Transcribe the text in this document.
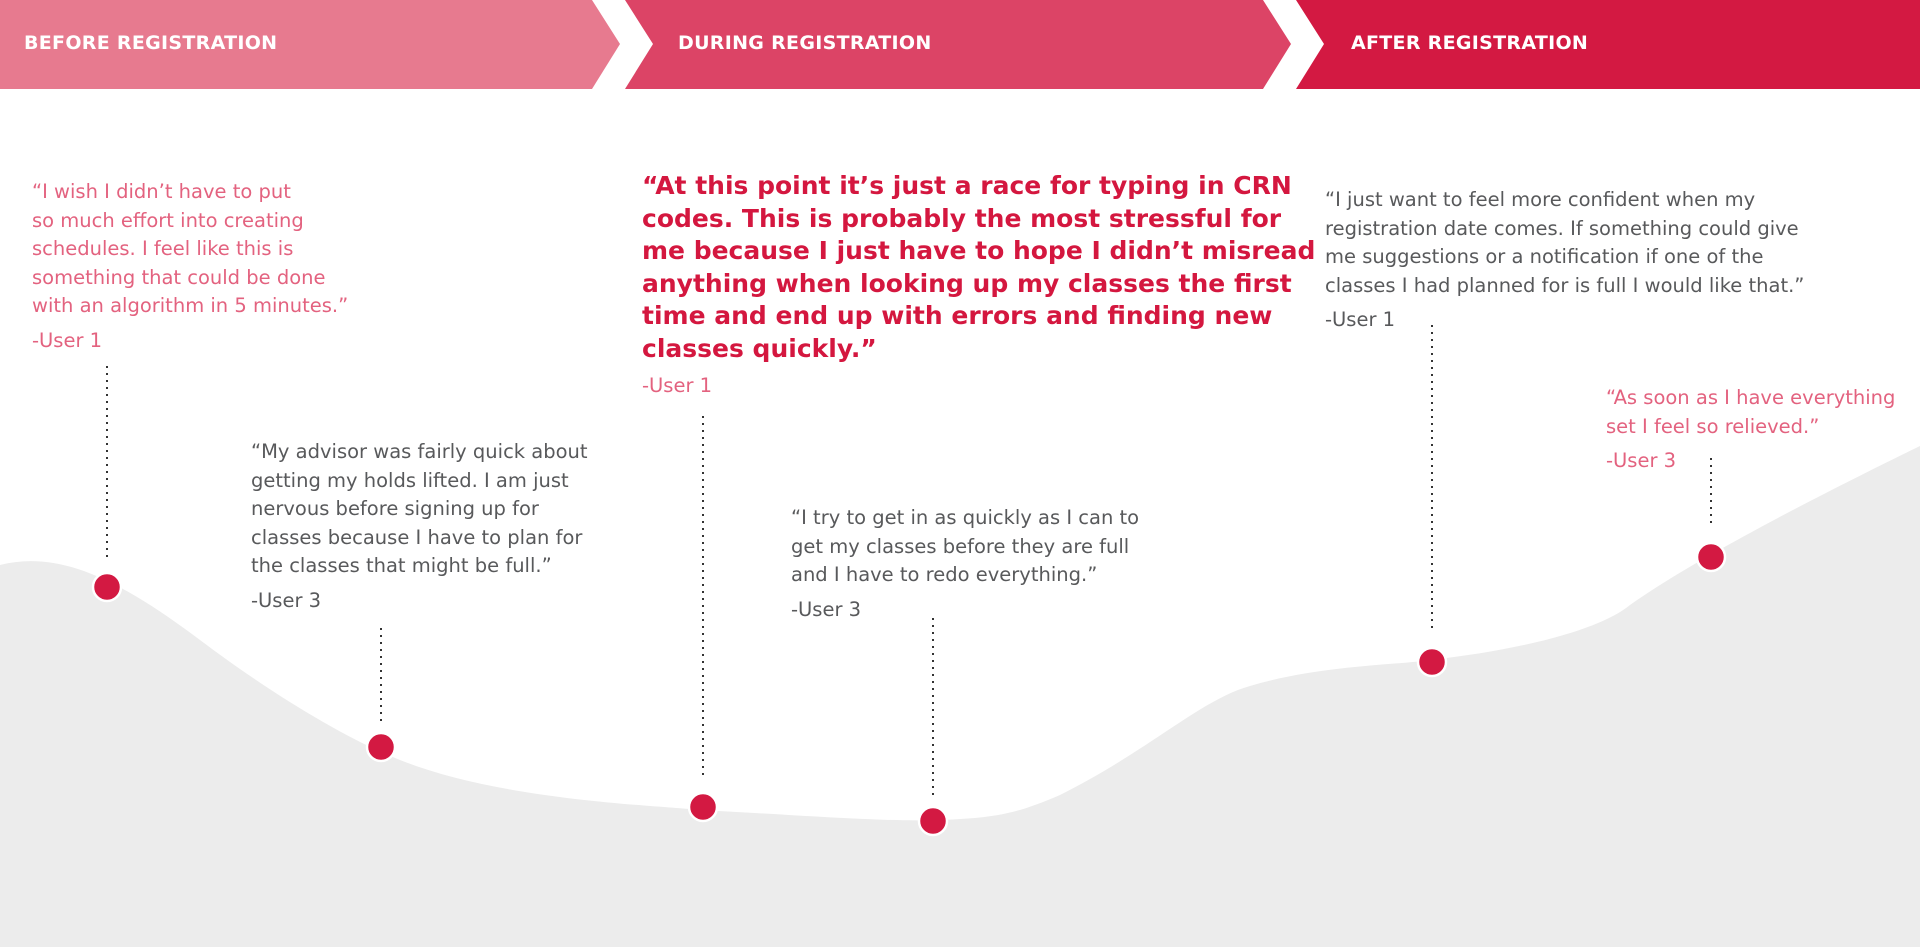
BEFORE REGISTRATION	DURING REGISTRATION	AFTER REGISTRATION

“I wish I didn’t have to put
so much effort into creating
schedules. I feel like this is
something that could be done
with an algorithm in 5 minutes.”

-User 1

“My advisor was fairly quick about
getting my holds lifted. I am just
nervous before signing up for
classes because I have to plan for
the classes that might be full.”

-User 3

“At this point it’s just a race for typing in CRN
codes. This is probably the most stressful for
me because I just have to hope I didn’t misread
anything when looking up my classes the first
time and end up with errors and finding new
classes quickly.”

-User 1

“I try to get in as quickly as I can to
get my classes before they are full
and I have to redo everything.”

-User 3

“I just want to feel more confident when my
registration date comes. If something could give
me suggestions or a notification if one of the
classes I had planned for is full I would like that.”

-User 1

“As soon as I have everything
set I feel so relieved.”

-User 3
